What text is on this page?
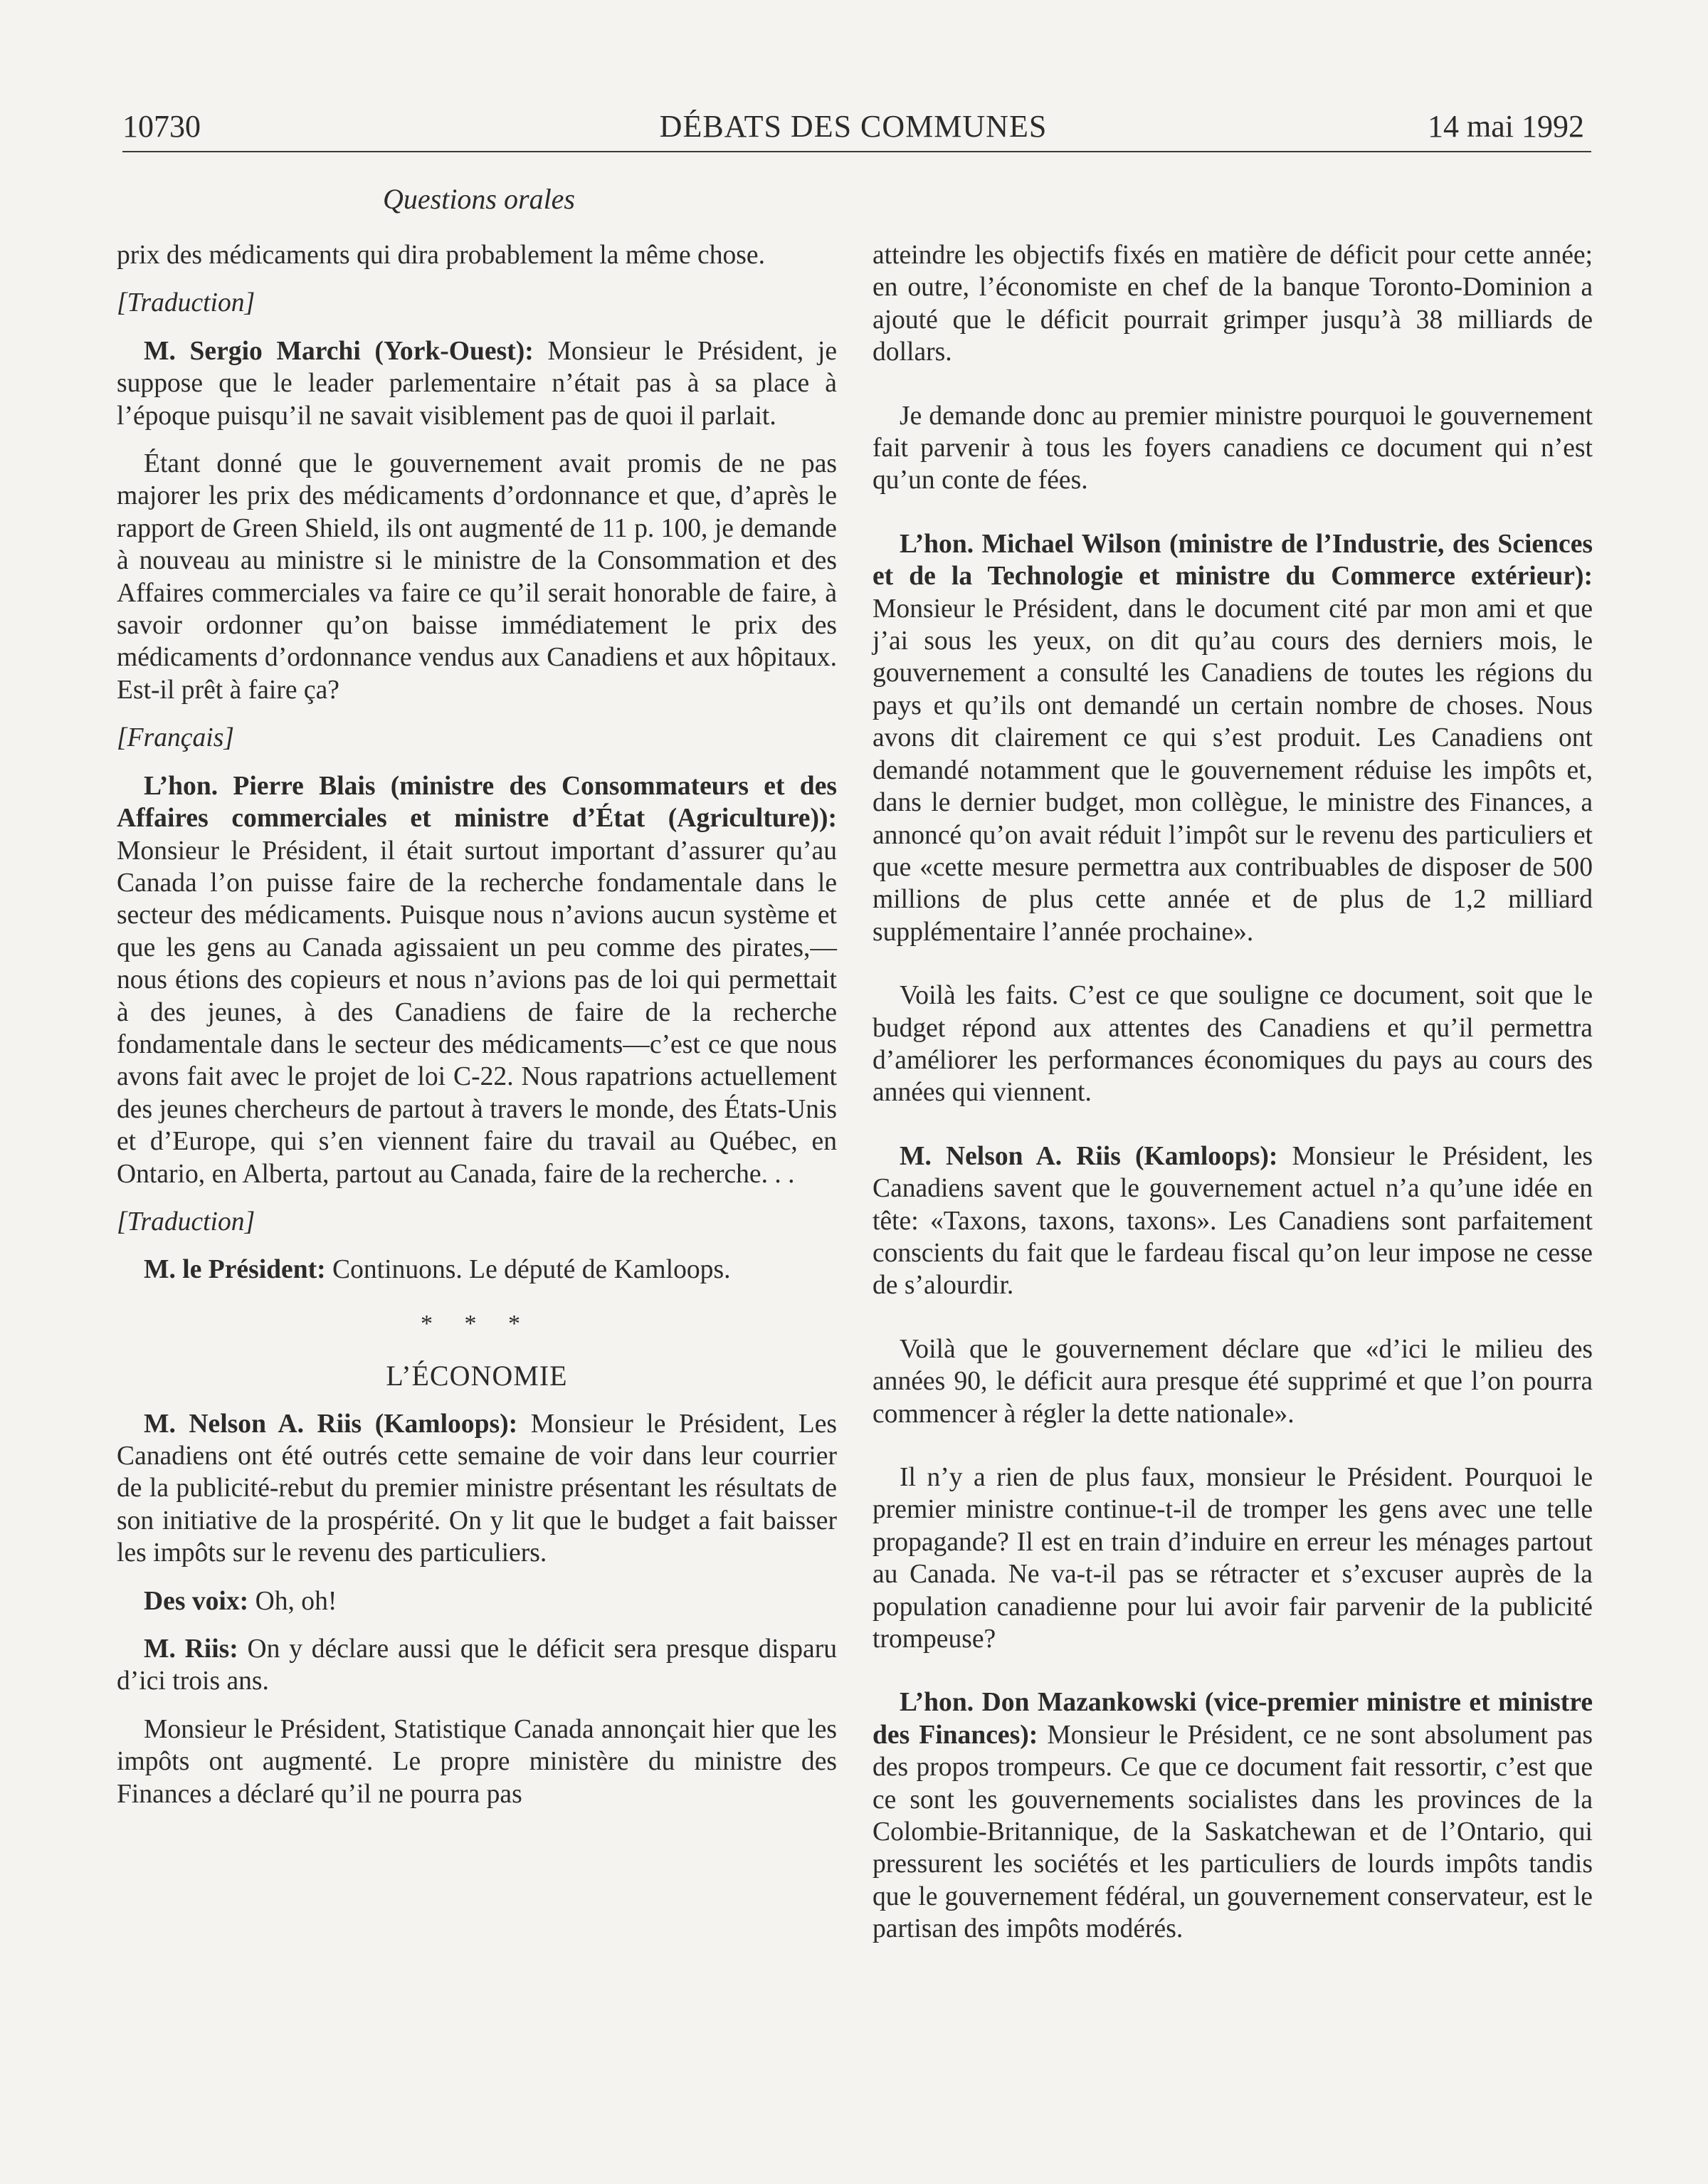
10730	DÉBATS DES COMMUNES	14 mai 1992
Questions orales

prix des médicaments qui dira probablement la même chose.

[Traduction]

M. Sergio Marchi (York-Ouest): Monsieur le Président, je suppose que le leader parlementaire n’était pas à sa place à l’époque puisqu’il ne savait visiblement pas de quoi il parlait.

Étant donné que le gouvernement avait promis de ne pas majorer les prix des médicaments d’ordonnance et que, d’après le rapport de Green Shield, ils ont augmenté de 11 p. 100, je demande à nouveau au ministre si le ministre de la Consommation et des Affaires commerciales va faire ce qu’il serait honorable de faire, à savoir ordonner qu’on baisse immédiatement le prix des médicaments d’ordonnance vendus aux Canadiens et aux hôpitaux. Est-il prêt à faire ça?

[Français]

L’hon. Pierre Blais (ministre des Consommateurs et des Affaires commerciales et ministre d’État (Agriculture)): Monsieur le Président, il était surtout important d’assurer qu’au Canada l’on puisse faire de la recherche fondamentale dans le secteur des médicaments. Puisque nous n’avions aucun système et que les gens au Canada agissaient un peu comme des pirates,—nous étions des copieurs et nous n’avions pas de loi qui permettait à des jeunes, à des Canadiens de faire de la recherche fondamentale dans le secteur des médicaments—c’est ce que nous avons fait avec le projet de loi C-22. Nous rapatrions actuellement des jeunes chercheurs de partout à travers le monde, des États-Unis et d’Europe, qui s’en viennent faire du travail au Québec, en Ontario, en Alberta, partout au Canada, faire de la recherche. . .

[Traduction]

M. le Président: Continuons. Le député de Kamloops.

* * *
L’ÉCONOMIE

M. Nelson A. Riis (Kamloops): Monsieur le Président, Les Canadiens ont été outrés cette semaine de voir dans leur courrier de la publicité-rebut du premier ministre présentant les résultats de son initiative de la prospérité. On y lit que le budget a fait baisser les impôts sur le revenu des particuliers.

Des voix: Oh, oh!

M. Riis: On y déclare aussi que le déficit sera presque disparu d’ici trois ans.

Monsieur le Président, Statistique Canada annonçait hier que les impôts ont augmenté. Le propre ministère du ministre des Finances a déclaré qu’il ne pourra pas

atteindre les objectifs fixés en matière de déficit pour cette année; en outre, l’économiste en chef de la banque Toronto-Dominion a ajouté que le déficit pourrait grimper jusqu’à 38 milliards de dollars.

Je demande donc au premier ministre pourquoi le gouvernement fait parvenir à tous les foyers canadiens ce document qui n’est qu’un conte de fées.

L’hon. Michael Wilson (ministre de l’Industrie, des Sciences et de la Technologie et ministre du Commerce extérieur): Monsieur le Président, dans le document cité par mon ami et que j’ai sous les yeux, on dit qu’au cours des derniers mois, le gouvernement a consulté les Canadiens de toutes les régions du pays et qu’ils ont demandé un certain nombre de choses. Nous avons dit clairement ce qui s’est produit. Les Canadiens ont demandé notamment que le gouvernement réduise les impôts et, dans le dernier budget, mon collègue, le ministre des Finances, a annoncé qu’on avait réduit l’impôt sur le revenu des particuliers et que «cette mesure permettra aux contribuables de disposer de 500 millions de plus cette année et de plus de 1,2 milliard supplémentaire l’année prochaine».

Voilà les faits. C’est ce que souligne ce document, soit que le budget répond aux attentes des Canadiens et qu’il permettra d’améliorer les performances économiques du pays au cours des années qui viennent.

M. Nelson A. Riis (Kamloops): Monsieur le Président, les Canadiens savent que le gouvernement actuel n’a qu’une idée en tête: «Taxons, taxons, taxons». Les Canadiens sont parfaitement conscients du fait que le fardeau fiscal qu’on leur impose ne cesse de s’alourdir.

Voilà que le gouvernement déclare que «d’ici le milieu des années 90, le déficit aura presque été supprimé et que l’on pourra commencer à régler la dette nationale».

Il n’y a rien de plus faux, monsieur le Président. Pourquoi le premier ministre continue-t-il de tromper les gens avec une telle propagande? Il est en train d’induire en erreur les ménages partout au Canada. Ne va-t-il pas se rétracter et s’excuser auprès de la population canadienne pour lui avoir fair parvenir de la publicité trompeuse?

L’hon. Don Mazankowski (vice-premier ministre et ministre des Finances): Monsieur le Président, ce ne sont absolument pas des propos trompeurs. Ce que ce document fait ressortir, c’est que ce sont les gouvernements socialistes dans les provinces de la Colombie-Britannique, de la Saskatchewan et de l’Ontario, qui pressurent les sociétés et les particuliers de lourds impôts tandis que le gouvernement fédéral, un gouvernement conservateur, est le partisan des impôts modérés.
